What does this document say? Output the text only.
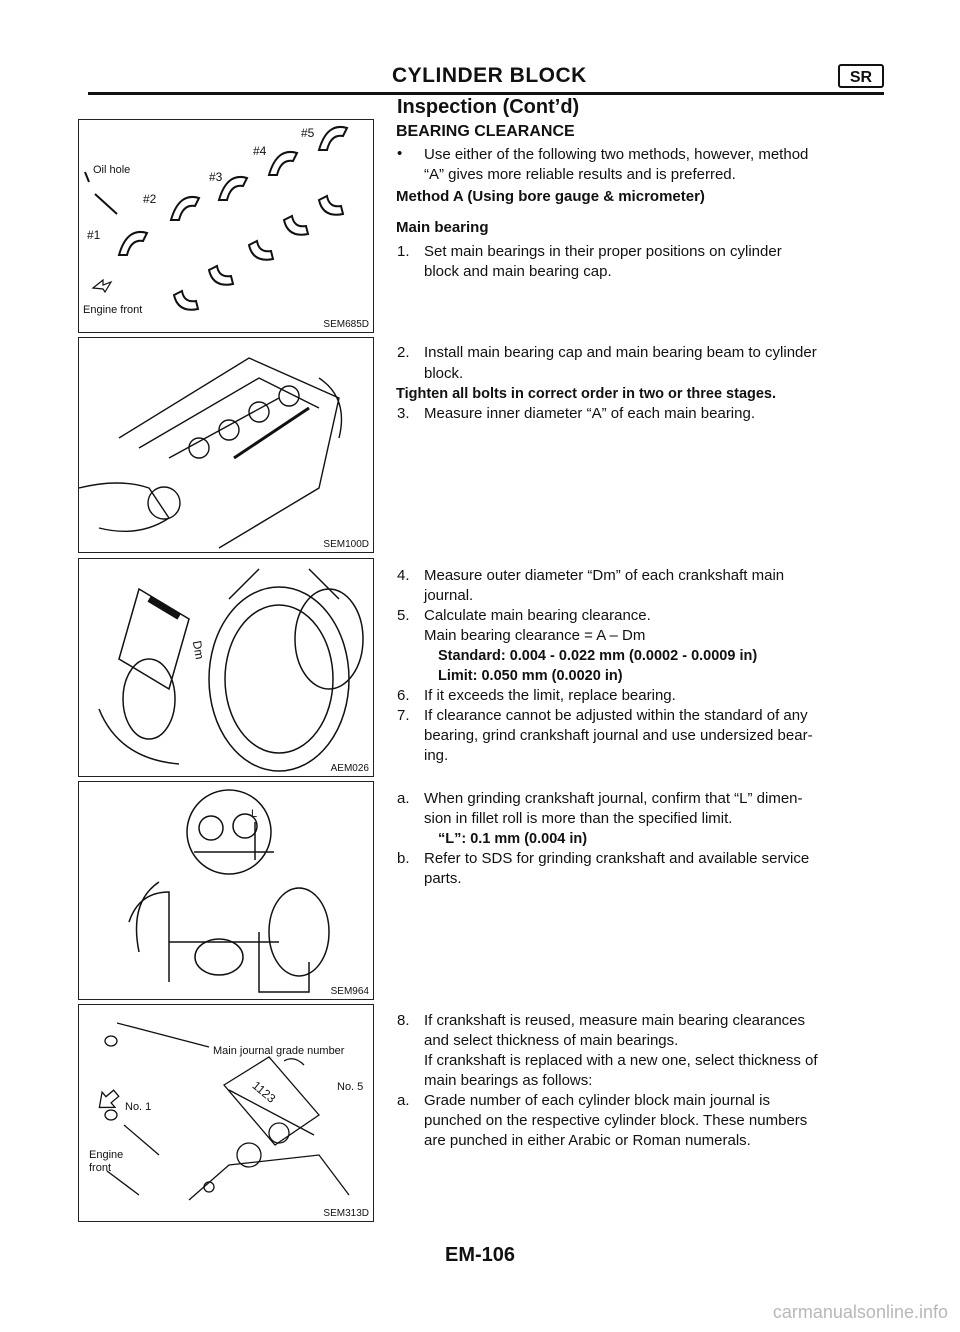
CYLINDER BLOCK	SR
Inspection (Cont’d)
Oil hole
#1
#2
#3
#4
#5
Engine front
SEM685D
SEM100D
Dm
AEM026
L
SEM964
Main journal grade number
No. 5
No. 1
1123
Engine
front
SEM313D
BEARING CLEARANCE
• Use either of the following two methods, however, method
“A” gives more reliable results and is preferred.
Method A (Using bore gauge & micrometer)
Main bearing
1. Set main bearings in their proper positions on cylinder
block and main bearing cap.
2. Install main bearing cap and main bearing beam to cylinder
block.
Tighten all bolts in correct order in two or three stages.
3. Measure inner diameter “A” of each main bearing.
4. Measure outer diameter “Dm” of each crankshaft main
journal.
5. Calculate main bearing clearance.
Main bearing clearance = A – Dm
Standard: 0.004 - 0.022 mm (0.0002 - 0.0009 in)
Limit: 0.050 mm (0.0020 in)
6. If it exceeds the limit, replace bearing.
7. If clearance cannot be adjusted within the standard of any
bearing, grind crankshaft journal and use undersized bear-
ing.
a. When grinding crankshaft journal, confirm that “L” dimen-
sion in fillet roll is more than the specified limit.
“L”: 0.1 mm (0.004 in)
b. Refer to SDS for grinding crankshaft and available service
parts.
8. If crankshaft is reused, measure main bearing clearances
and select thickness of main bearings.
If crankshaft is replaced with a new one, select thickness of
main bearings as follows:
a. Grade number of each cylinder block main journal is
punched on the respective cylinder block. These numbers
are punched in either Arabic or Roman numerals.
EM-106
carmanualsonline.info
